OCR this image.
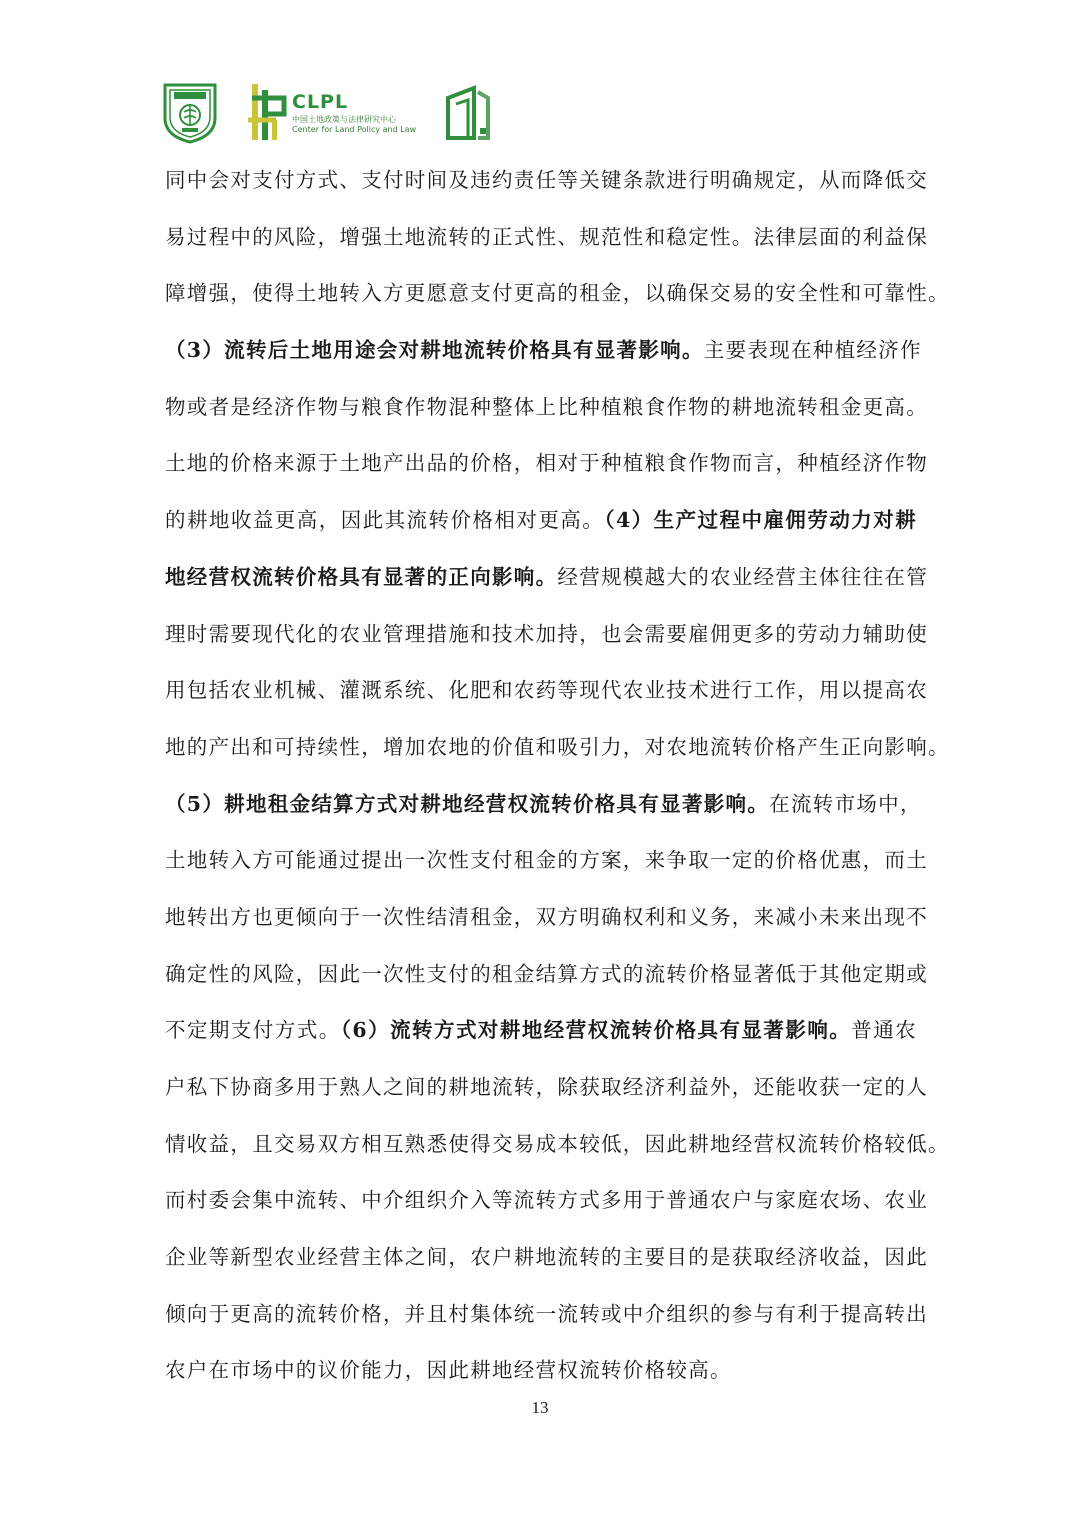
CLPL
中国土地政策与法律研究中心
Center for Land Policy and Law
同中会对支付方式、支付时间及违约责任等关键条款进行明确规定，从而降低交
易过程中的风险，增强土地流转的正式性、规范性和稳定性。法律层面的利益保
障增强，使得土地转入方更愿意支付更高的租金，以确保交易的安全性和可靠性。
（3）流转后土地用途会对耕地流转价格具有显著影响。主要表现在种植经济作
物或者是经济作物与粮食作物混种整体上比种植粮食作物的耕地流转租金更高。
土地的价格来源于土地产出品的价格，相对于种植粮食作物而言，种植经济作物
的耕地收益更高，因此其流转价格相对更高。（4）生产过程中雇佣劳动力对耕
地经营权流转价格具有显著的正向影响。经营规模越大的农业经营主体往往在管
理时需要现代化的农业管理措施和技术加持，也会需要雇佣更多的劳动力辅助使
用包括农业机械、灌溉系统、化肥和农药等现代农业技术进行工作，用以提高农
地的产出和可持续性，增加农地的价值和吸引力，对农地流转价格产生正向影响。
（5）耕地租金结算方式对耕地经营权流转价格具有显著影响。在流转市场中，
土地转入方可能通过提出一次性支付租金的方案，来争取一定的价格优惠，而土
地转出方也更倾向于一次性结清租金，双方明确权利和义务，来减小未来出现不
确定性的风险，因此一次性支付的租金结算方式的流转价格显著低于其他定期或
不定期支付方式。（6）流转方式对耕地经营权流转价格具有显著影响。普通农
户私下协商多用于熟人之间的耕地流转，除获取经济利益外，还能收获一定的人
情收益，且交易双方相互熟悉使得交易成本较低，因此耕地经营权流转价格较低。
而村委会集中流转、中介组织介入等流转方式多用于普通农户与家庭农场、农业
企业等新型农业经营主体之间，农户耕地流转的主要目的是获取经济收益，因此
倾向于更高的流转价格，并且村集体统一流转或中介组织的参与有利于提高转出
农户在市场中的议价能力，因此耕地经营权流转价格较高。
13
